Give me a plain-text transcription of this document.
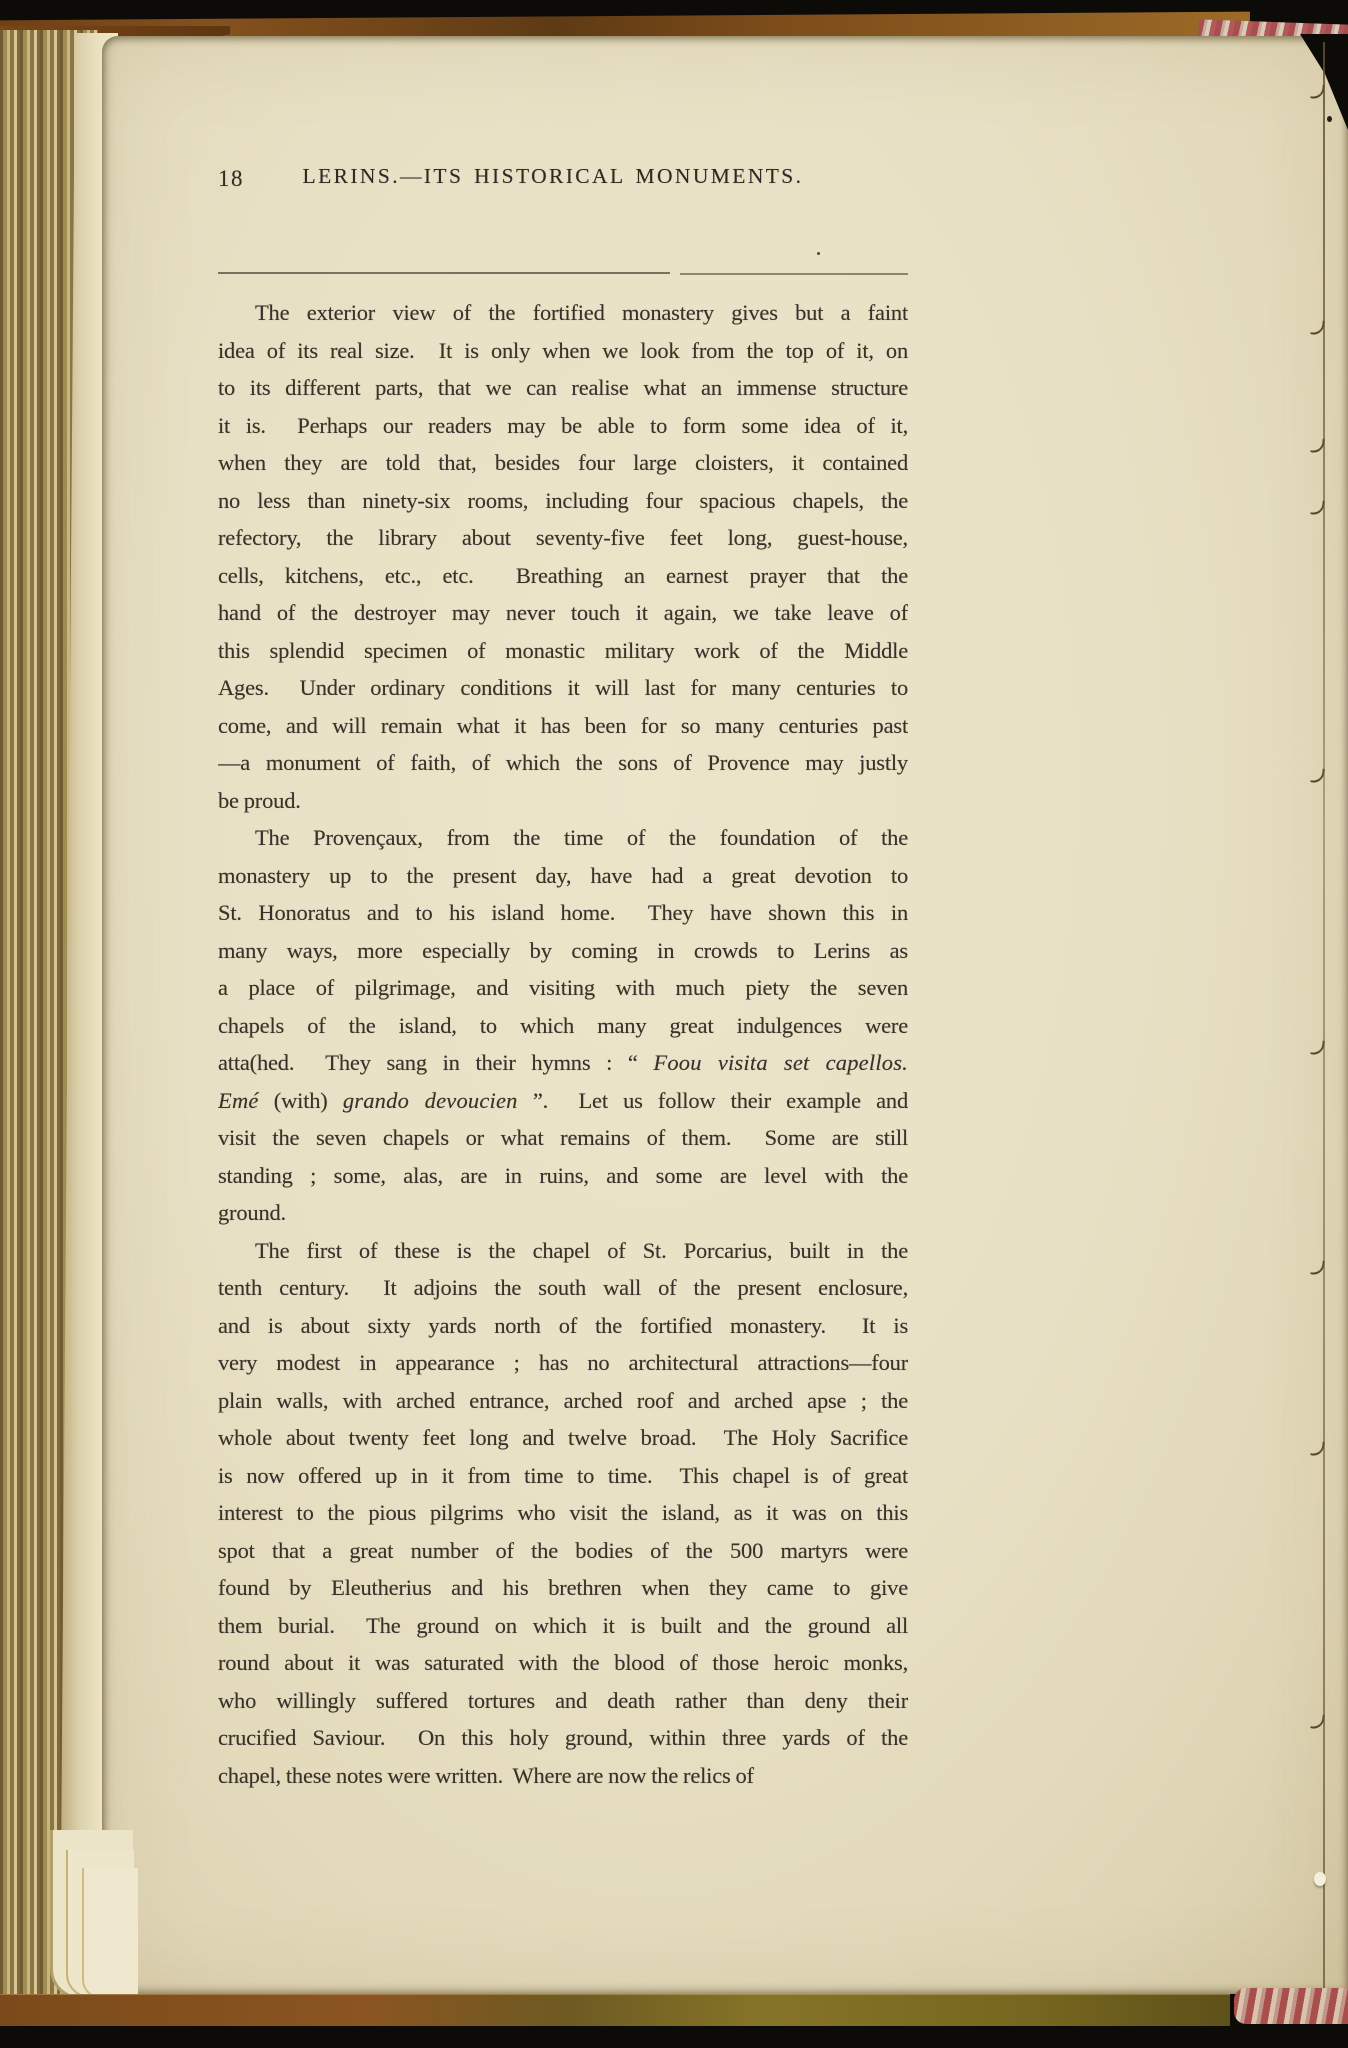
18	LERINS.—ITS HISTORICAL MONUMENTS.
The exterior view of the fortified monastery gives but a faint
idea of its real size.  It is only when we look from the top of it, on
to its different parts, that we can realise what an immense structure
it is.  Perhaps our readers may be able to form some idea of it,
when they are told that, besides four large cloisters, it contained
no less than ninety-six rooms, including four spacious chapels, the
refectory, the library about seventy-five feet long, guest-house,
cells, kitchens, etc., etc.  Breathing an earnest prayer that the
hand of the destroyer may never touch it again, we take leave of
this splendid specimen of monastic military work of the Middle
Ages.  Under ordinary conditions it will last for many centuries to
come, and will remain what it has been for so many centuries past
—a monument of faith, of which the sons of Provence may justly
be proud.
The Provençaux, from the time of the foundation of the
monastery up to the present day, have had a great devotion to
St. Honoratus and to his island home.  They have shown this in
many ways, more especially by coming in crowds to Lerins as
a place of pilgrimage, and visiting with much piety the seven
chapels of the island, to which many great indulgences were
atta(hed.  They sang in their hymns : “ Foou visita set capellos.
Emé (with) grando devoucien ”.  Let us follow their example and
visit the seven chapels or what remains of them.  Some are still
standing ; some, alas, are in ruins, and some are level with the
ground.
The first of these is the chapel of St. Porcarius, built in the
tenth century.  It adjoins the south wall of the present enclosure,
and is about sixty yards north of the fortified monastery.  It is
very modest in appearance ; has no architectural attractions—four
plain walls, with arched entrance, arched roof and arched apse ; the
whole about twenty feet long and twelve broad.  The Holy Sacrifice
is now offered up in it from time to time.  This chapel is of great
interest to the pious pilgrims who visit the island, as it was on this
spot that a great number of the bodies of the 500 martyrs were
found by Eleutherius and his brethren when they came to give
them burial.  The ground on which it is built and the ground all
round about it was saturated with the blood of those heroic monks,
who willingly suffered tortures and death rather than deny their
crucified Saviour.  On this holy ground, within three yards of the
chapel, these notes were written.  Where are now the relics of
